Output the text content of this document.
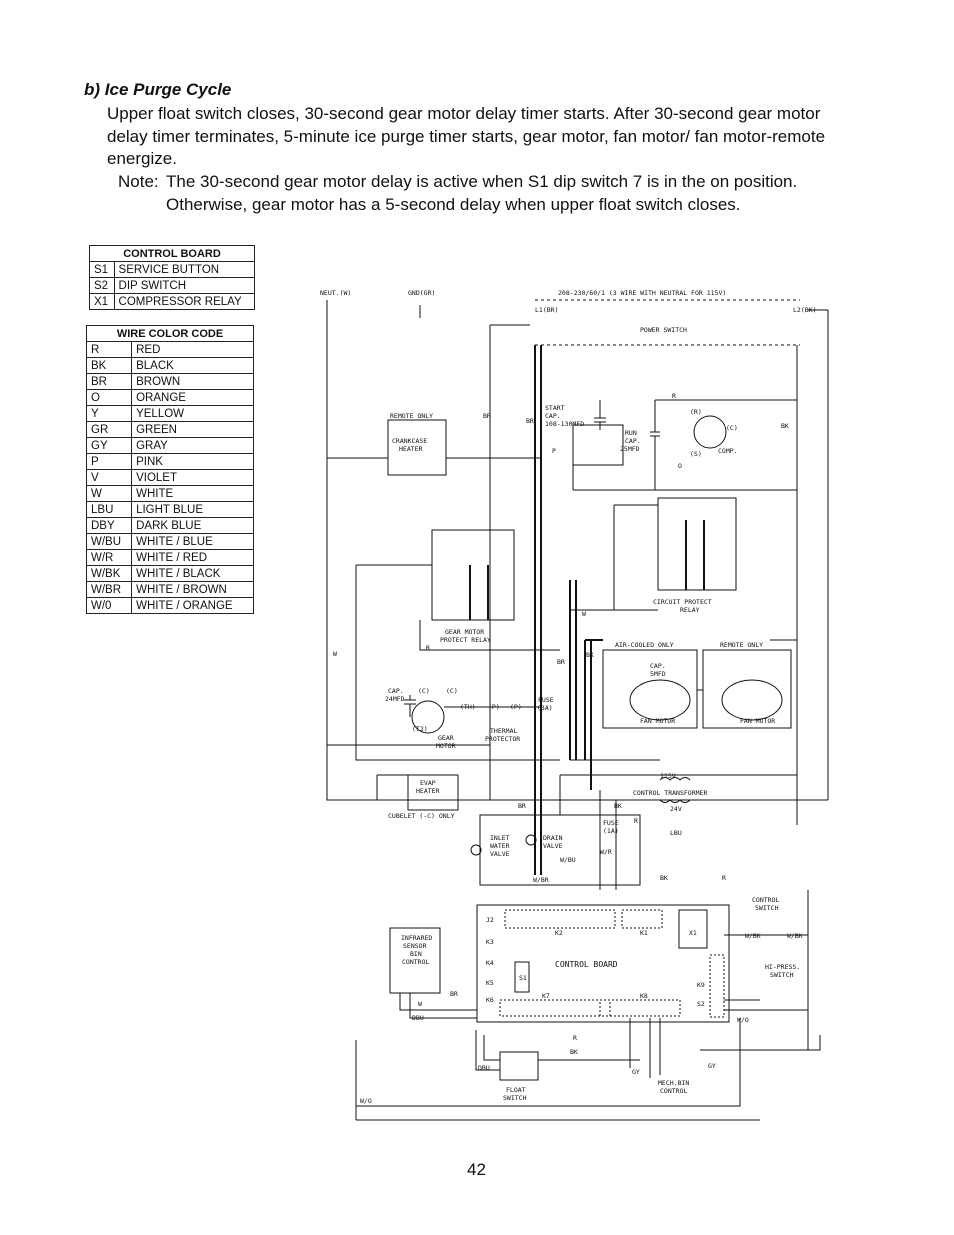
b) Ice Purge Cycle
Upper float switch closes, 30-second gear motor delay timer starts. After 30-second gear motor delay timer terminates, 5-minute ice purge timer starts, gear motor, fan motor/ fan motor-remote energize.
Note: The 30-second gear motor delay is active when S1 dip switch 7 is in the on position. Otherwise, gear motor has a 5-second delay when upper float switch closes.
CONTROL BOARD	
S1	SERVICE BUTTON
S2	DIP SWITCH
X1	COMPRESSOR RELAY
WIRE COLOR CODE	
R	RED
BK	BLACK
BR	BROWN
O	ORANGE
Y	YELLOW
GR	GREEN
GY	GRAY
P	PINK
V	VIOLET
W	WHITE
LBU	LIGHT BLUE
DBY	DARK BLUE
W/BU	WHITE / BLUE
W/R	WHITE / RED
W/BK	WHITE / BLACK
W/BR	WHITE / BROWN
W/0	WHITE / ORANGE
NEUT.(W)	GND(GR)	208-230/60/1 (3 WIRE WITH NEUTRAL FOR 115V)
L1(BR)	L2(BK)
POWER SWITCH
REMOTE ONLY
CRANKCASE
HEATER
START
CAP.
108-130MFD
RUN
CAP.
25MFD	COMP.
GEAR MOTOR
PROTECT RELAY
CIRCUIT PROTECT
RELAY
AIR-COOLED ONLY	REMOTE ONLY
CAP.
5MFD
FAN MOTOR	FAN MOTOR
CAP.
24MFD
GEAR
MOTOR
FUSE
(3A)
THERMAL
PROTECTOR
EVAP
HEATER
CUBELET (-C) ONLY
115V
CONTROL TRANSFORMER
24V
FUSE
(1A)
INLET
WATER
VALVE
DRAIN
VALVE
CONTROL
SWITCH
HI-PRESS.
SWITCH
CONTROL BOARD
INFRARED
SENSOR
BIN
CONTROL
FLOAT
SWITCH
MECH.BIN
CONTROL
J2
K2	K1
K3
K4
K5
K6	K7	K8
K9
S1
X1
S2
BR
BR
P
R
BK
O
W
R
W
BR
BK
R
BK
LBU
W/R
W/BU
W/BR
BR
BK	R
R
BK
W/BK	W/BK
W/O
W/O
DBU
DBU	GY
GY
BR
W
(R)
(C)
(S)
(C)	(C)
(TH) (P) (P)
(T2)
42
